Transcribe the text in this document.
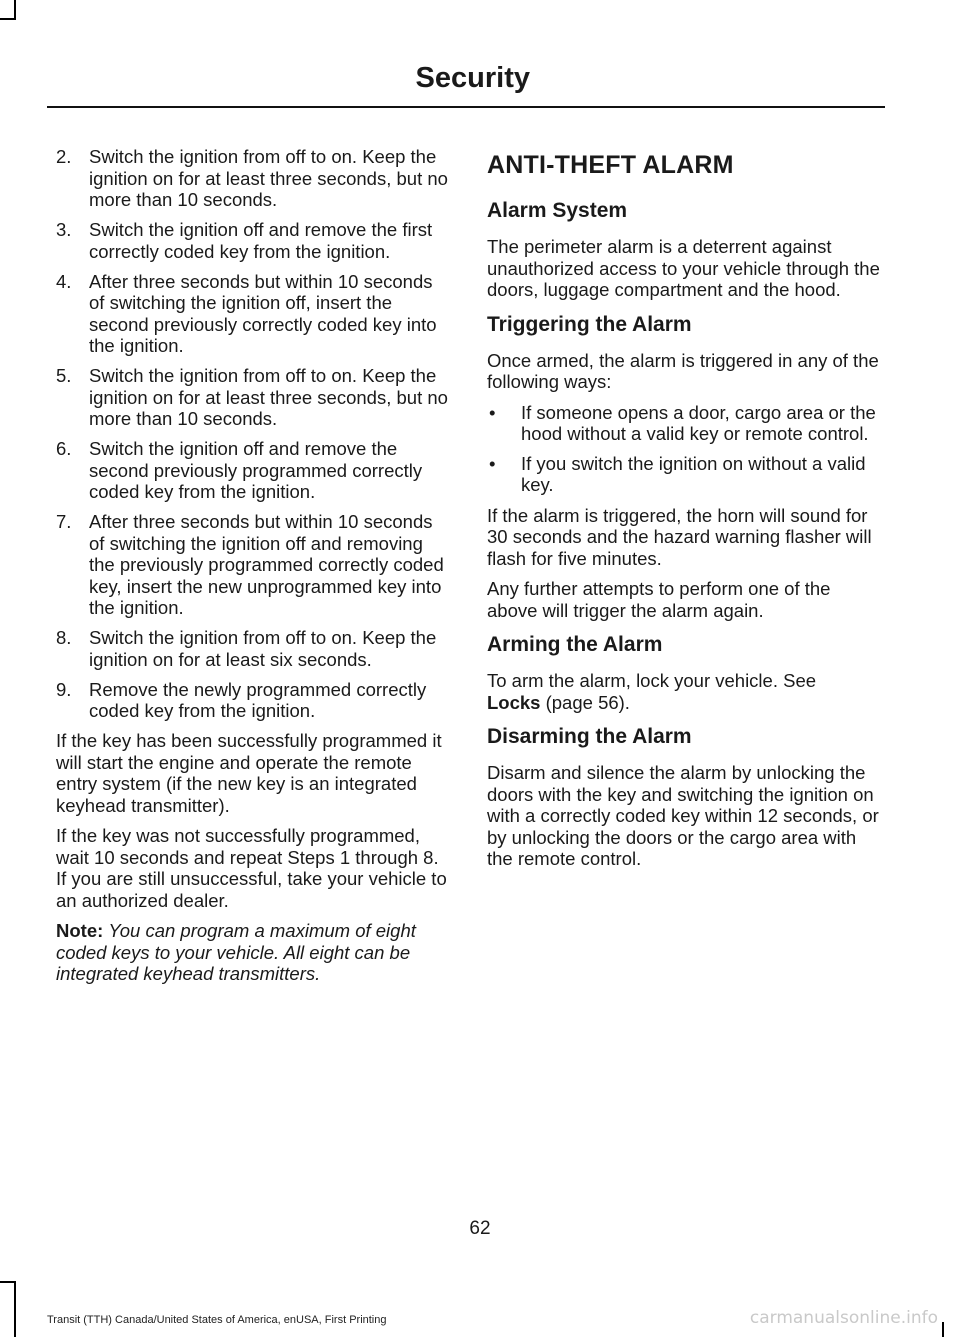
Security
2. Switch the ignition from off to on. Keep the ignition on for at least three seconds, but no more than 10 seconds.
3. Switch the ignition off and remove the first correctly coded key from the ignition.
4. After three seconds but within 10 seconds of switching the ignition off, insert the second previously correctly coded key into the ignition.
5. Switch the ignition from off to on. Keep the ignition on for at least three seconds, but no more than 10 seconds.
6. Switch the ignition off and remove the second previously programmed correctly coded key from the ignition.
7. After three seconds but within 10 seconds of switching the ignition off and removing the previously programmed correctly coded key, insert the new unprogrammed key into the ignition.
8. Switch the ignition from off to on. Keep the ignition on for at least six seconds.
9. Remove the newly programmed correctly coded key from the ignition.

If the key has been successfully programmed it will start the engine and operate the remote entry system (if the new key is an integrated keyhead transmitter).

If the key was not successfully programmed, wait 10 seconds and repeat Steps 1 through 8. If you are still unsuccessful, take your vehicle to an authorized dealer.

Note: You can program a maximum of eight coded keys to your vehicle. All eight can be integrated keyhead transmitters.

ANTI-THEFT ALARM
Alarm System

The perimeter alarm is a deterrent against unauthorized access to your vehicle through the doors, luggage compartment and the hood.

Triggering the Alarm

Once armed, the alarm is triggered in any of the following ways:

• If someone opens a door, cargo area or the hood without a valid key or remote control.
• If you switch the ignition on without a valid key.

If the alarm is triggered, the horn will sound for 30 seconds and the hazard warning flasher will flash for five minutes.

Any further attempts to perform one of the above will trigger the alarm again.

Arming the Alarm

To arm the alarm, lock your vehicle. See
Locks (page 56).

Disarming the Alarm

Disarm and silence the alarm by unlocking the doors with the key and switching the ignition on with a correctly coded key within 12 seconds, or by unlocking the doors or the cargo area with the remote control.

62
Transit (TTH) Canada/United States of America, enUSA, First Printing	carmanualsonline.info
